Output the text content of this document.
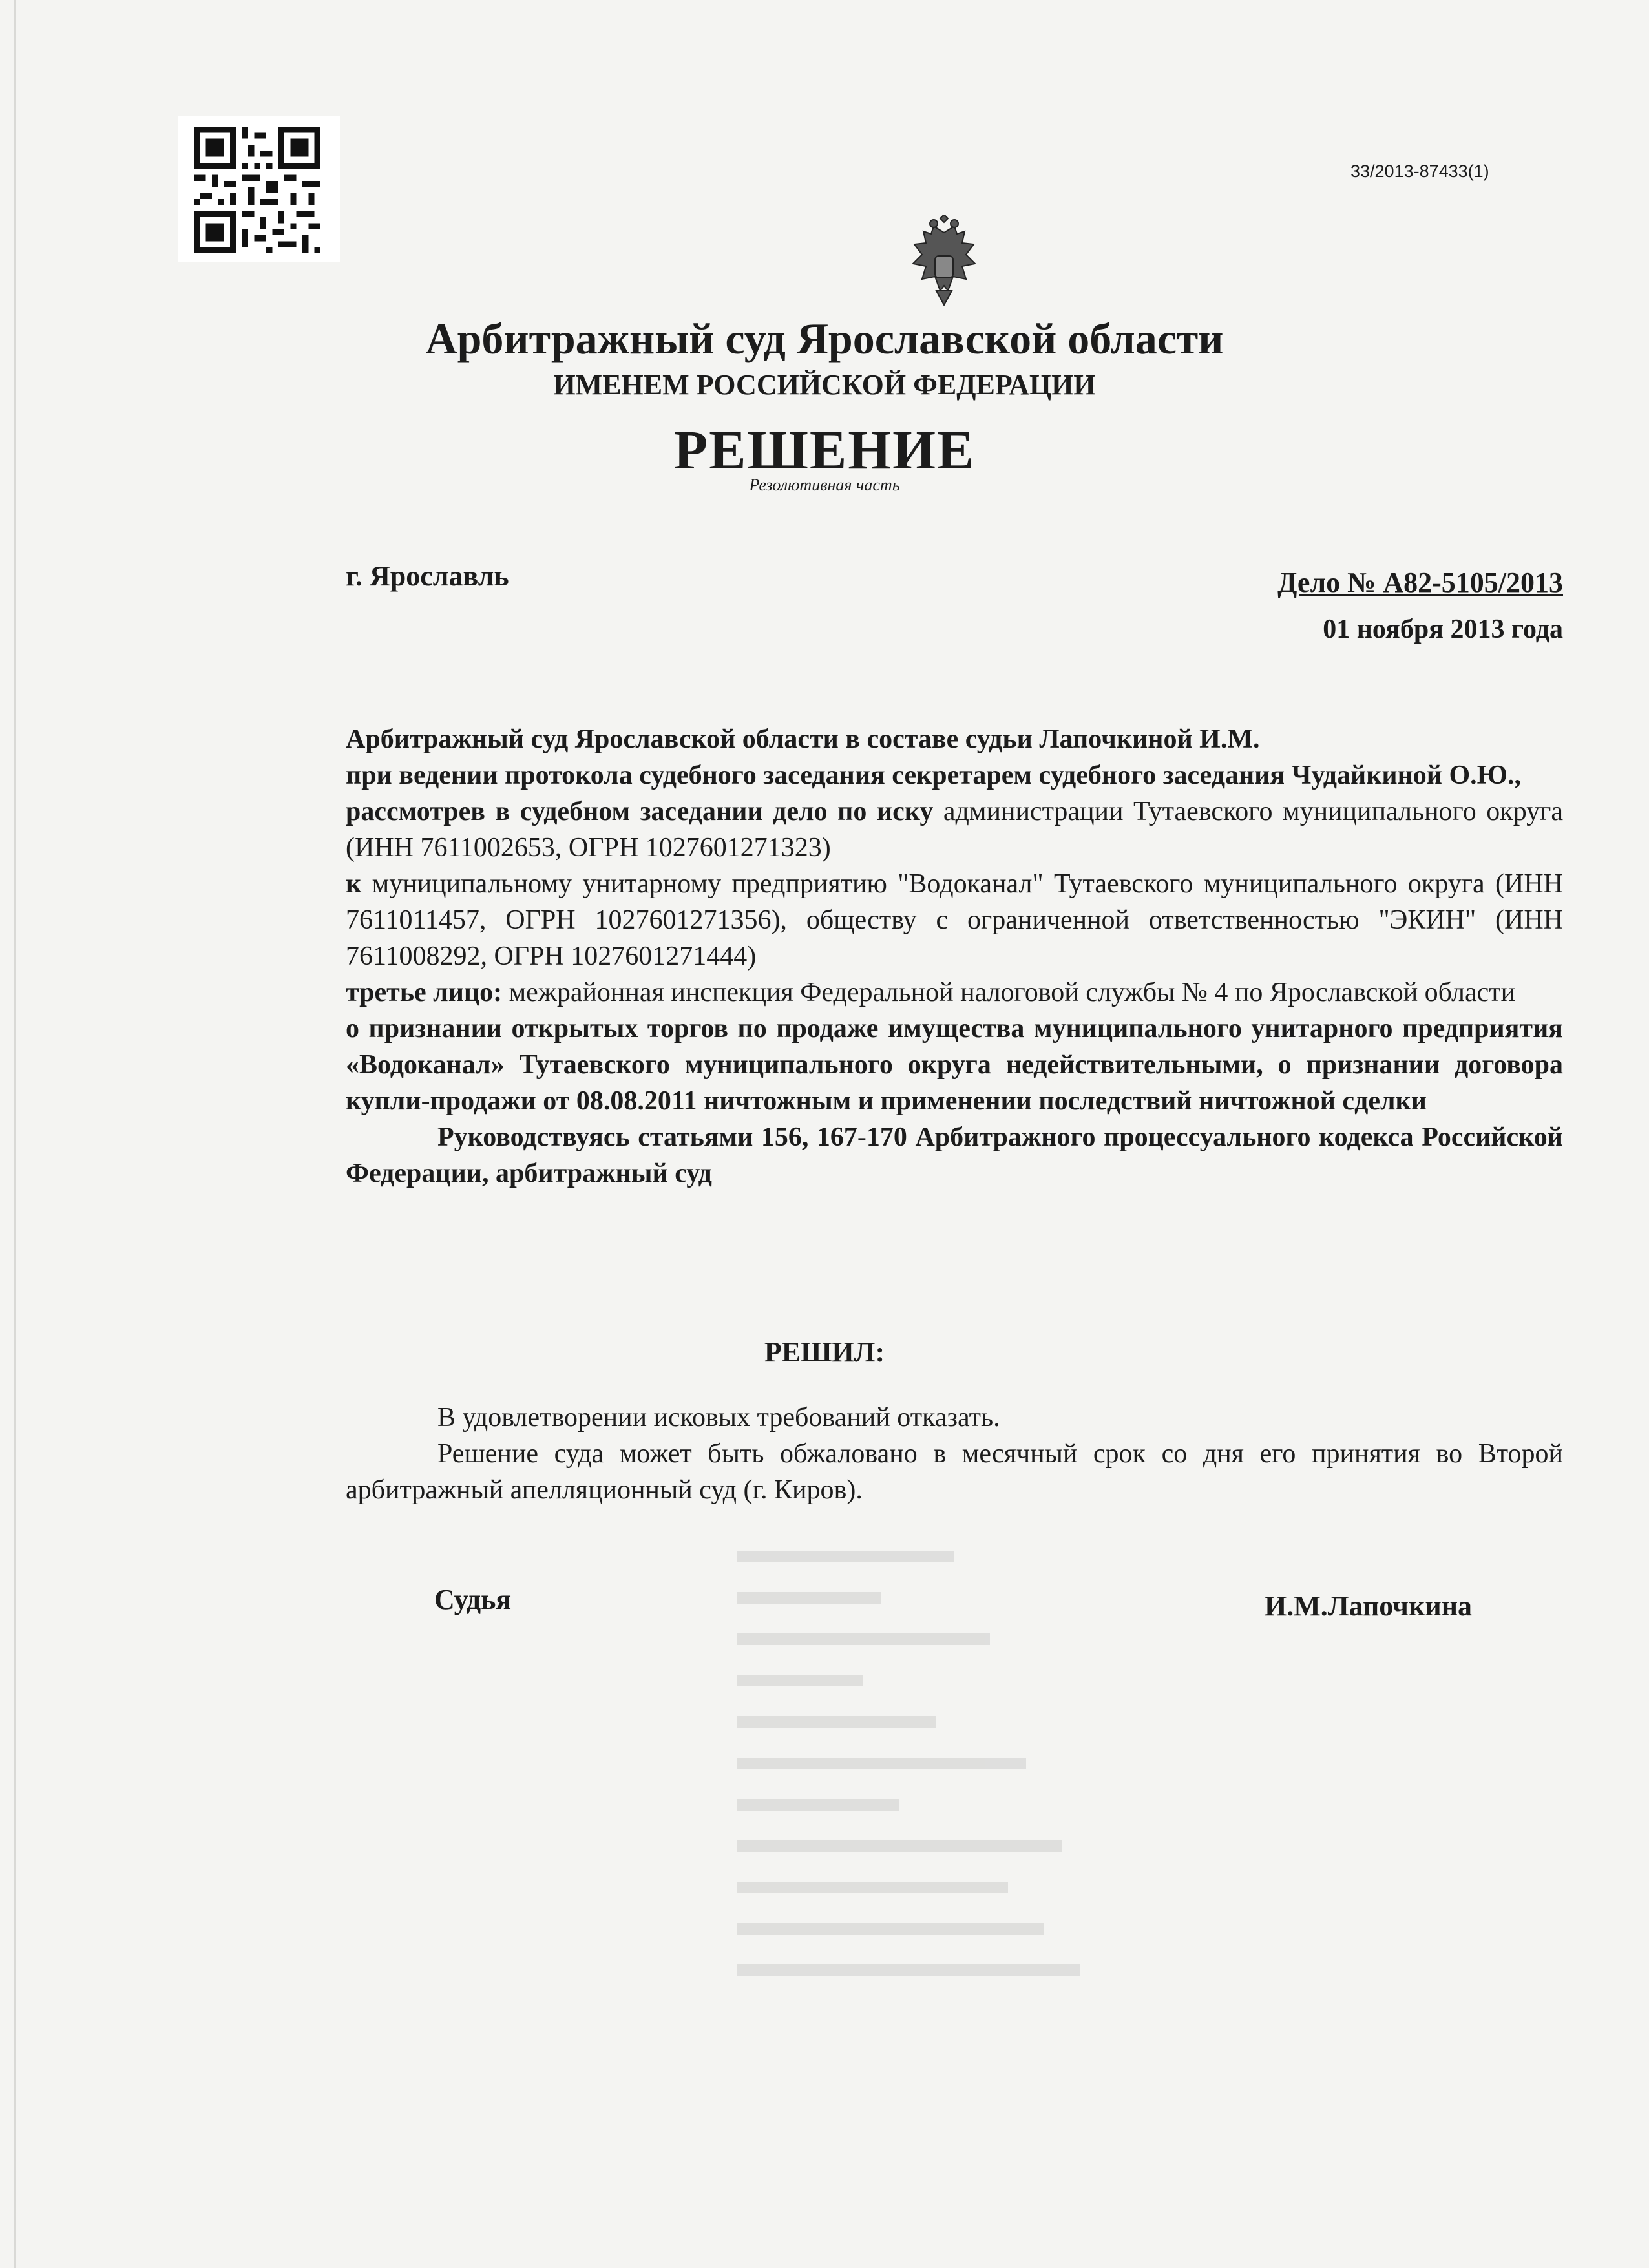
33/2013-87433(1)
Арбитражный суд Ярославской области
ИМЕНЕМ РОССИЙСКОЙ ФЕДЕРАЦИИ
РЕШЕНИЕ
Резолютивная часть
г. Ярославль	Дело № А82-5105/2013
01 ноября 2013 года

Арбитражный суд Ярославской области в составе судьи Лапочкиной И.М.

при ведении протокола судебного заседания секретарем судебного заседания Чудайкиной О.Ю.,

рассмотрев в судебном заседании дело по иску администрации Тутаевского муниципального округа (ИНН 7611002653, ОГРН 1027601271323)

к муниципальному унитарному предприятию "Водоканал" Тутаевского муниципального округа (ИНН 7611011457, ОГРН 1027601271356), обществу с ограниченной ответственностью "ЭКИН" (ИНН 7611008292, ОГРН 1027601271444)

третье лицо: межрайонная инспекция Федеральной налоговой службы № 4 по Ярославской области

о признании открытых торгов по продаже имущества муниципального унитарного предприятия «Водоканал» Тутаевского муниципального округа недействительными, о признании договора купли-продажи от 08.08.2011 ничтожным и применении последствий ничтожной сделки

Руководствуясь статьями 156, 167-170 Арбитражного процессуального кодекса Российской Федерации, арбитражный суд

РЕШИЛ:

В удовлетворении исковых требований отказать.

Решение суда может быть обжаловано в месячный срок со дня его принятия во Второй арбитражный апелляционный суд (г. Киров).

Судья	И.М.Лапочкина
